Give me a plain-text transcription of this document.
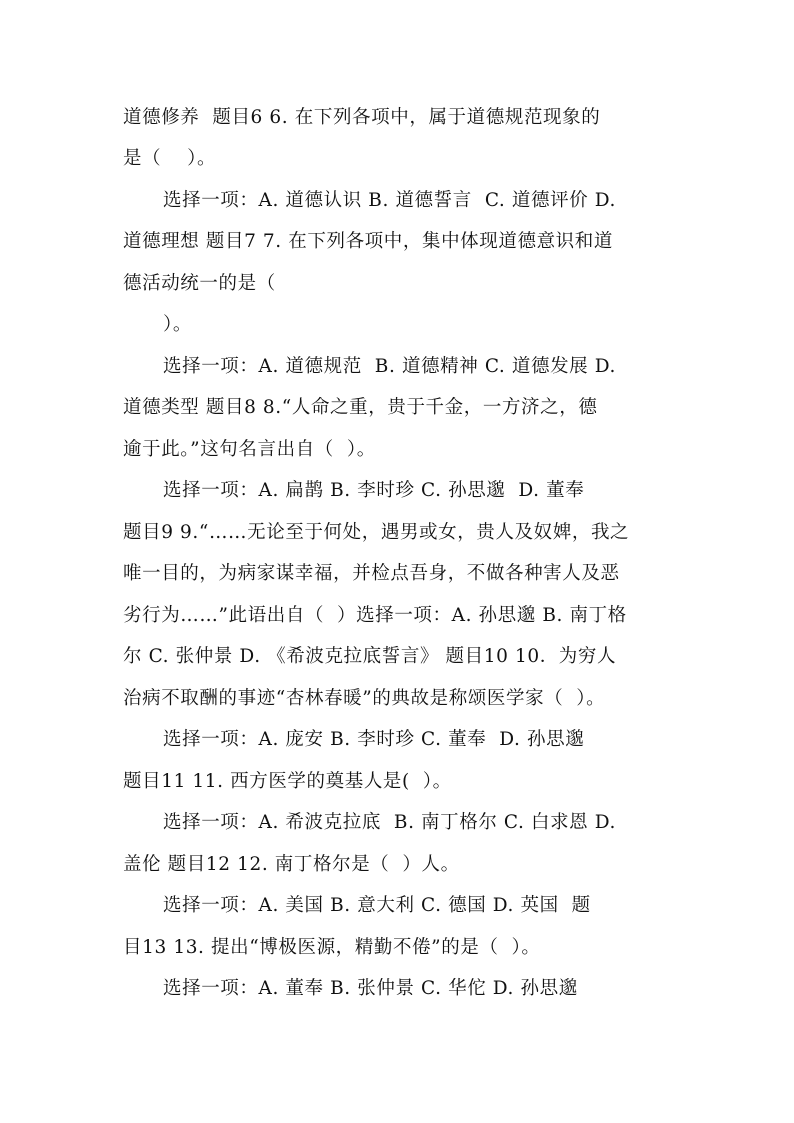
道德修养  题目6 6. 在下列各项中，属于道德规范现象的
是（    ）。
选择一项：A. 道德认识 B. 道德誓言  C. 道德评价 D.
道德理想 题目7 7. 在下列各项中，集中体现道德意识和道
德活动统一的是（
）。
选择一项：A. 道德规范  B. 道德精神 C. 道德发展 D.
道德类型 题目8 8.“人命之重，贵于千金，一方济之，德
逾于此。”这句名言出自（  ）。
选择一项：A. 扁鹊 B. 李时珍 C. 孙思邈  D. 董奉
题目9 9.“……无论至于何处，遇男或女，贵人及奴婢，我之
唯一目的，为病家谋幸福，并检点吾身，不做各种害人及恶
劣行为……”此语出自（  ）选择一项：A. 孙思邈 B. 南丁格
尔 C. 张仲景 D. 《希波克拉底誓言》 题目10 10．为穷人
治病不取酬的事迹“杏林春暖”的典故是称颂医学家（  ）。
选择一项：A. 庞安 B. 李时珍 C. 董奉  D. 孙思邈
题目11 11. 西方医学的奠基人是(  ）。
选择一项：A. 希波克拉底  B. 南丁格尔 C. 白求恩 D.
盖伦 题目12 12. 南丁格尔是（  ）人。
选择一项：A. 美国 B. 意大利 C. 德国 D. 英国  题
目13 13. 提出“博极医源，精勤不倦”的是（  ）。
选择一项：A. 董奉 B. 张仲景 C. 华佗 D. 孙思邈
